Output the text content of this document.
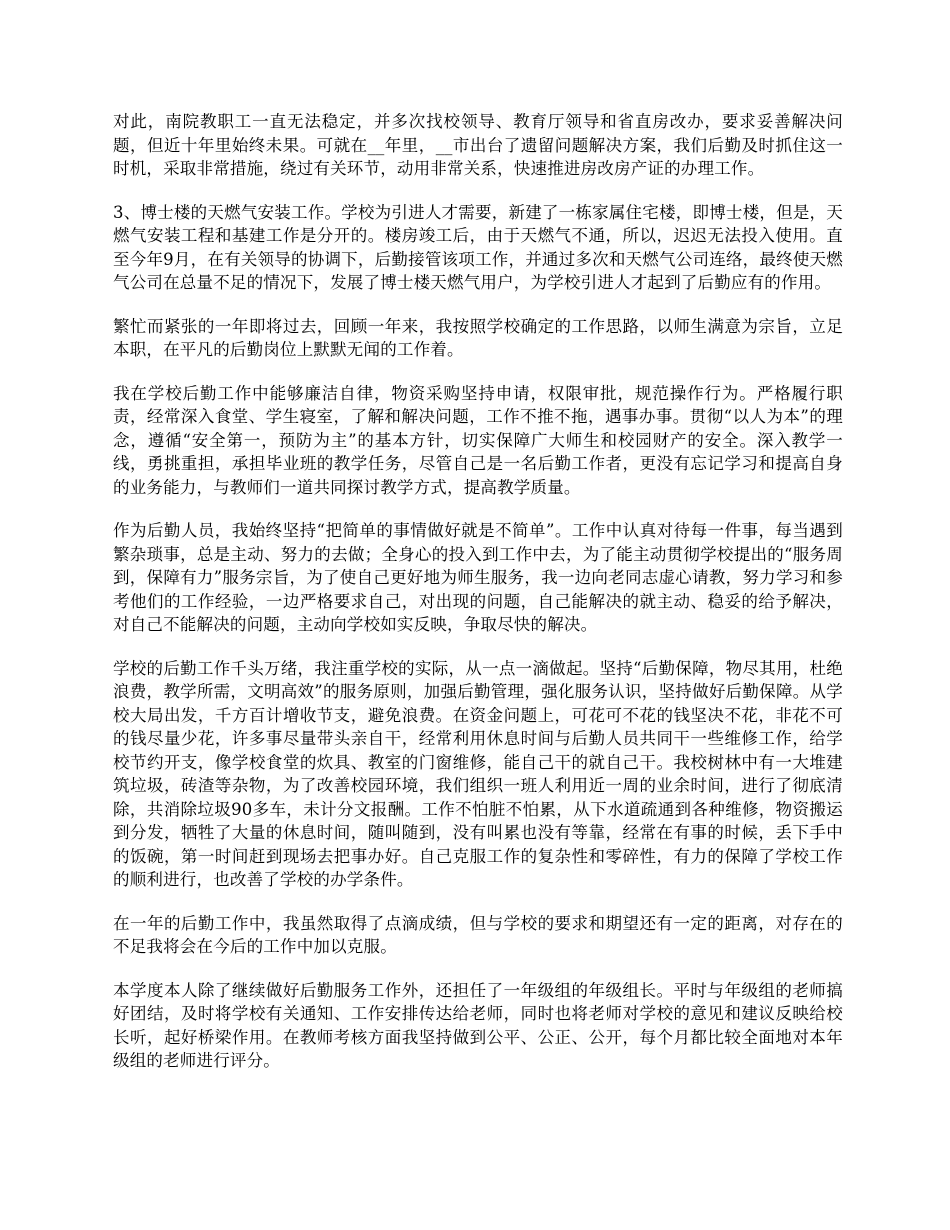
对此，南院教职工一直无法稳定，并多次找校领导、教育厅领导和省直房改办，要求妥善解决问题，但近十年里始终未果。可就在__年里，__市出台了遗留问题解决方案，我们后勤及时抓住这一时机，采取非常措施，绕过有关环节，动用非常关系，快速推进房改房产证的办理工作。

3、博士楼的天燃气安装工作。学校为引进人才需要，新建了一栋家属住宅楼，即博士楼，但是，天燃气安装工程和基建工作是分开的。楼房竣工后，由于天燃气不通，所以，迟迟无法投入使用。直至今年9月，在有关领导的协调下，后勤接管该项工作，并通过多次和天燃气公司连络，最终使天燃气公司在总量不足的情况下，发展了博士楼天燃气用户，为学校引进人才起到了后勤应有的作用。

繁忙而紧张的一年即将过去，回顾一年来，我按照学校确定的工作思路，以师生满意为宗旨，立足本职，在平凡的后勤岗位上默默无闻的工作着。

我在学校后勤工作中能够廉洁自律，物资采购坚持申请，权限审批，规范操作行为。严格履行职责，经常深入食堂、学生寝室，了解和解决问题，工作不推不拖，遇事办事。贯彻“以人为本”的理念，遵循“安全第一，预防为主”的基本方针，切实保障广大师生和校园财产的安全。深入教学一线，勇挑重担，承担毕业班的教学任务，尽管自己是一名后勤工作者，更没有忘记学习和提高自身的业务能力，与教师们一道共同探讨教学方式，提高教学质量。

作为后勤人员，我始终坚持“把简单的事情做好就是不简单”。工作中认真对待每一件事，每当遇到繁杂琐事，总是主动、努力的去做；全身心的投入到工作中去，为了能主动贯彻学校提出的“服务周到，保障有力”服务宗旨，为了使自己更好地为师生服务，我一边向老同志虚心请教，努力学习和参考他们的工作经验，一边严格要求自己，对出现的问题，自己能解决的就主动、稳妥的给予解决，对自己不能解决的问题，主动向学校如实反映，争取尽快的解决。

学校的后勤工作千头万绪，我注重学校的实际，从一点一滴做起。坚持“后勤保障，物尽其用，杜绝浪费，教学所需，文明高效”的服务原则，加强后勤管理，强化服务认识，坚持做好后勤保障。从学校大局出发，千方百计增收节支，避免浪费。在资金问题上，可花可不花的钱坚决不花，非花不可的钱尽量少花，许多事尽量带头亲自干，经常利用休息时间与后勤人员共同干一些维修工作，给学校节约开支，像学校食堂的炊具、教室的门窗维修，能自己干的就自己干。我校树林中有一大堆建筑垃圾，砖渣等杂物，为了改善校园环境，我们组织一班人利用近一周的业余时间，进行了彻底清除，共消除垃圾90多车，未计分文报酬。工作不怕脏不怕累，从下水道疏通到各种维修，物资搬运到分发，牺牲了大量的休息时间，随叫随到，没有叫累也没有等靠，经常在有事的时候，丢下手中的饭碗，第一时间赶到现场去把事办好。自己克服工作的复杂性和零碎性，有力的保障了学校工作的顺利进行，也改善了学校的办学条件。

在一年的后勤工作中，我虽然取得了点滴成绩，但与学校的要求和期望还有一定的距离，对存在的不足我将会在今后的工作中加以克服。

本学度本人除了继续做好后勤服务工作外，还担任了一年级组的年级组长。平时与年级组的老师搞好团结，及时将学校有关通知、工作安排传达给老师，同时也将老师对学校的意见和建议反映给校长听，起好桥梁作用。在教师考核方面我坚持做到公平、公正、公开，每个月都比较全面地对本年级组的老师进行评分。
